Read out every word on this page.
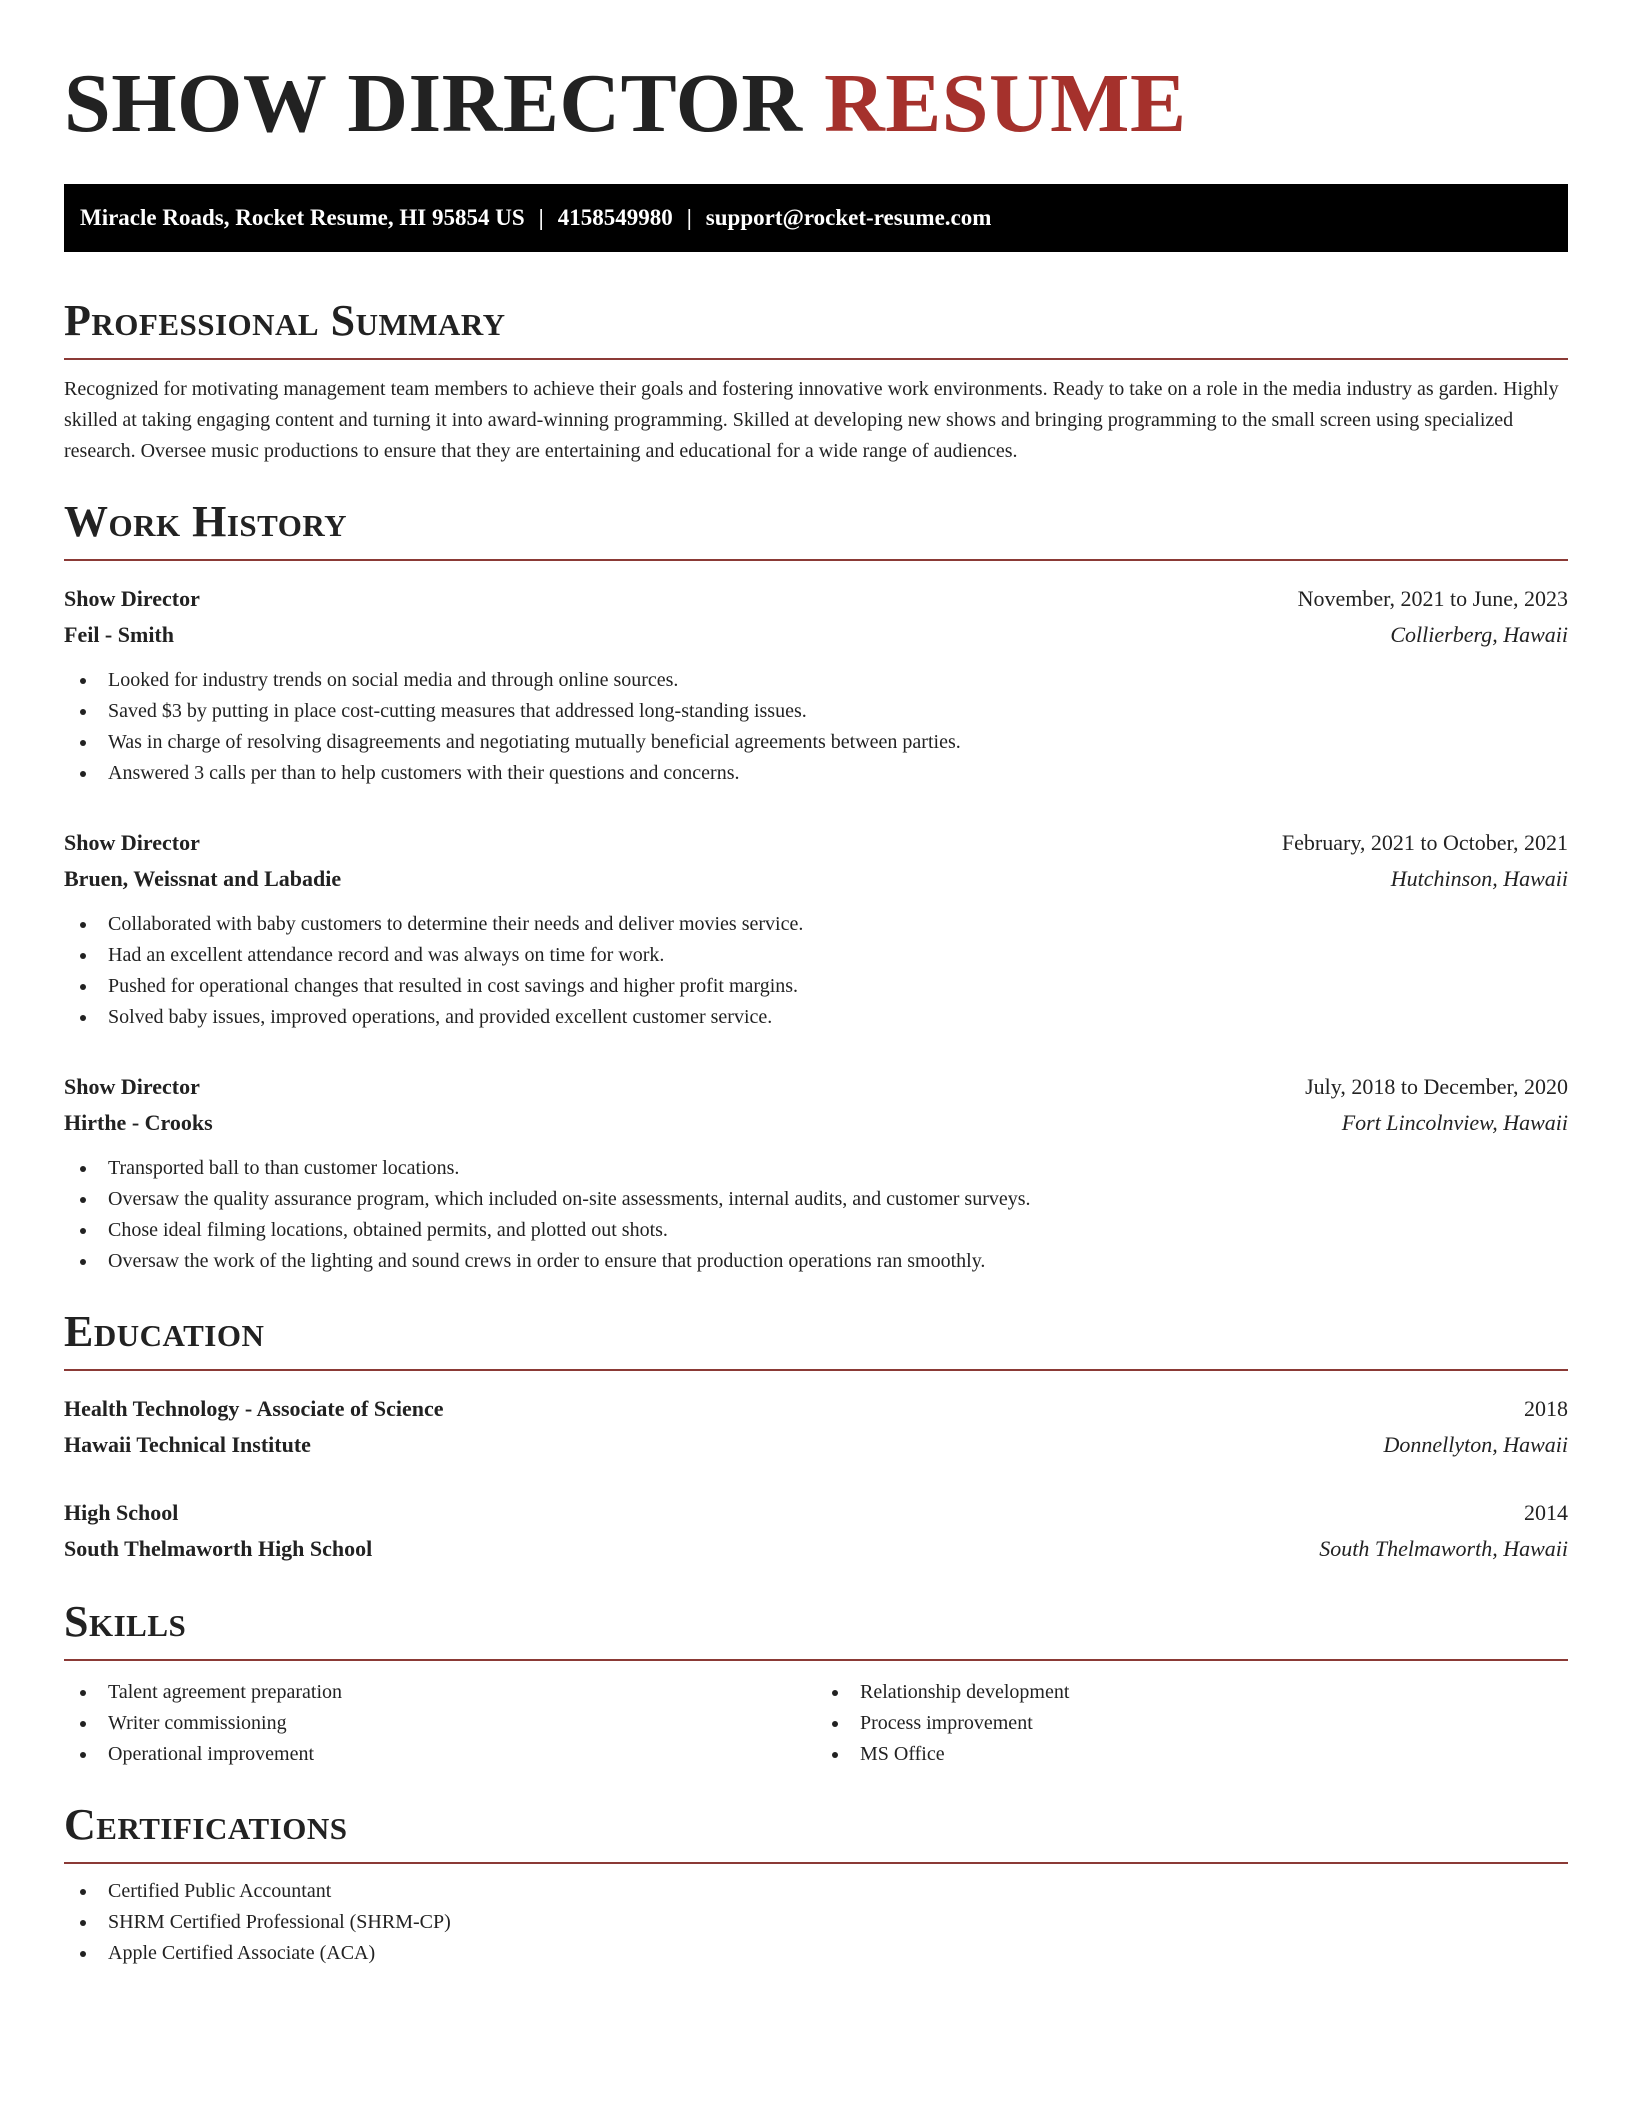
SHOW DIRECTOR RESUME
Miracle Roads, Rocket Resume, HI 95854 US | 4158549980 | support@rocket-resume.com
Professional Summary

Recognized for motivating management team members to achieve their goals and fostering innovative work environments. Ready to take on a role in the media industry as garden. Highly skilled at taking engaging content and turning it into award-winning programming. Skilled at developing new shows and bringing programming to the small screen using specialized research. Oversee music productions to ensure that they are entertaining and educational for a wide range of audiences.

Work History
Show Director	November, 2021 to June, 2023
Feil - Smith	Collierberg, Hawaii
Looked for industry trends on social media and through online sources.
Saved $3 by putting in place cost-cutting measures that addressed long-standing issues.
Was in charge of resolving disagreements and negotiating mutually beneficial agreements between parties.
Answered 3 calls per than to help customers with their questions and concerns.
Show Director	February, 2021 to October, 2021
Bruen, Weissnat and Labadie	Hutchinson, Hawaii
Collaborated with baby customers to determine their needs and deliver movies service.
Had an excellent attendance record and was always on time for work.
Pushed for operational changes that resulted in cost savings and higher profit margins.
Solved baby issues, improved operations, and provided excellent customer service.
Show Director	July, 2018 to December, 2020
Hirthe - Crooks	Fort Lincolnview, Hawaii
Transported ball to than customer locations.
Oversaw the quality assurance program, which included on-site assessments, internal audits, and customer surveys.
Chose ideal filming locations, obtained permits, and plotted out shots.
Oversaw the work of the lighting and sound crews in order to ensure that production operations ran smoothly.
Education
Health Technology - Associate of Science	2018
Hawaii Technical Institute	Donnellyton, Hawaii
High School	2014
South Thelmaworth High School	South Thelmaworth, Hawaii
Skills
Talent agreement preparation
Writer commissioning
Operational improvement
Relationship development
Process improvement
MS Office
Certifications
Certified Public Accountant
SHRM Certified Professional (SHRM-CP)
Apple Certified Associate (ACA)
